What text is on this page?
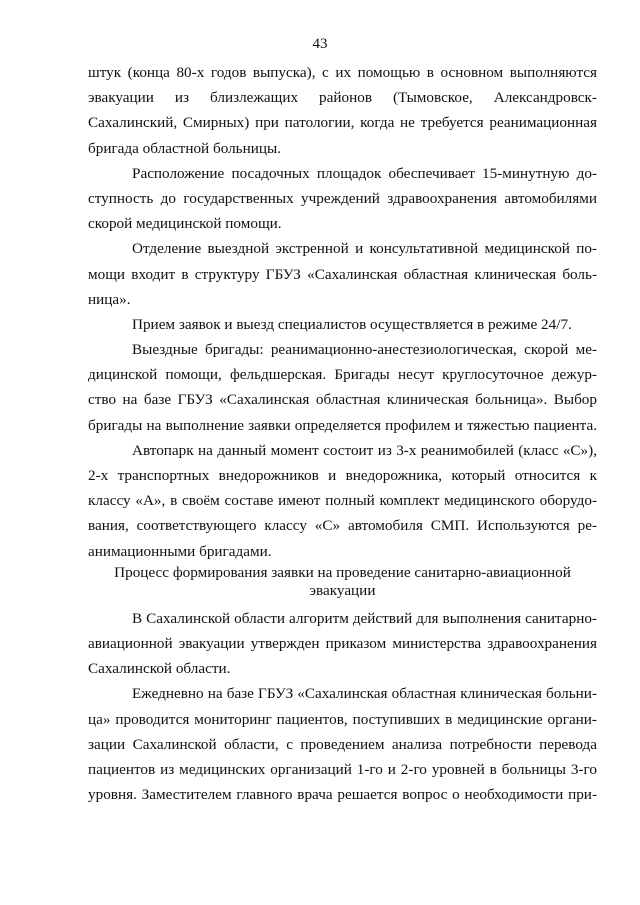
43
штук (конца 80-х годов выпуска), с их помощью в основном выполняются
эвакуации из близлежащих районов (Тымовское, Александровск-
Сахалинский, Смирных) при патологии, когда не требуется реанимационная
бригада областной больницы.
Расположение посадочных площадок обеспечивает 15-минутную до-
ступность до государственных учреждений здравоохранения автомобилями
скорой медицинской помощи.
Отделение выездной экстренной и консультативной медицинской по-
мощи входит в структуру ГБУЗ «Сахалинская областная клиническая боль-
ница».
Прием заявок и выезд специалистов осуществляется в режиме 24/7.
Выездные бригады: реанимационно-анестезиологическая, скорой ме-
дицинской помощи, фельдшерская. Бригады несут круглосуточное дежур-
ство на базе ГБУЗ «Сахалинская областная клиническая больница». Выбор
бригады на выполнение заявки определяется профилем и тяжестью пациента.
Автопарк на данный момент состоит из 3-х реанимобилей (класс «С»),
2-х транспортных внедорожников и внедорожника, который относится к
классу «А», в своём составе имеют полный комплект медицинского оборудо-
вания, соответствующего классу «С» автомобиля СМП. Используются ре-
анимационными бригадами.
Процесс формирования заявки на проведение санитарно-авиационной
эвакуации
В Сахалинской области алгоритм действий для выполнения санитарно-
авиационной эвакуации утвержден приказом министерства здравоохранения
Сахалинской области.
Ежедневно на базе ГБУЗ «Сахалинская областная клиническая больни-
ца» проводится мониторинг пациентов, поступивших в медицинские органи-
зации Сахалинской области, с проведением анализа потребности перевода
пациентов из медицинских организаций 1-го и 2-го уровней в больницы 3-го
уровня. Заместителем главного врача решается вопрос о необходимости при-
